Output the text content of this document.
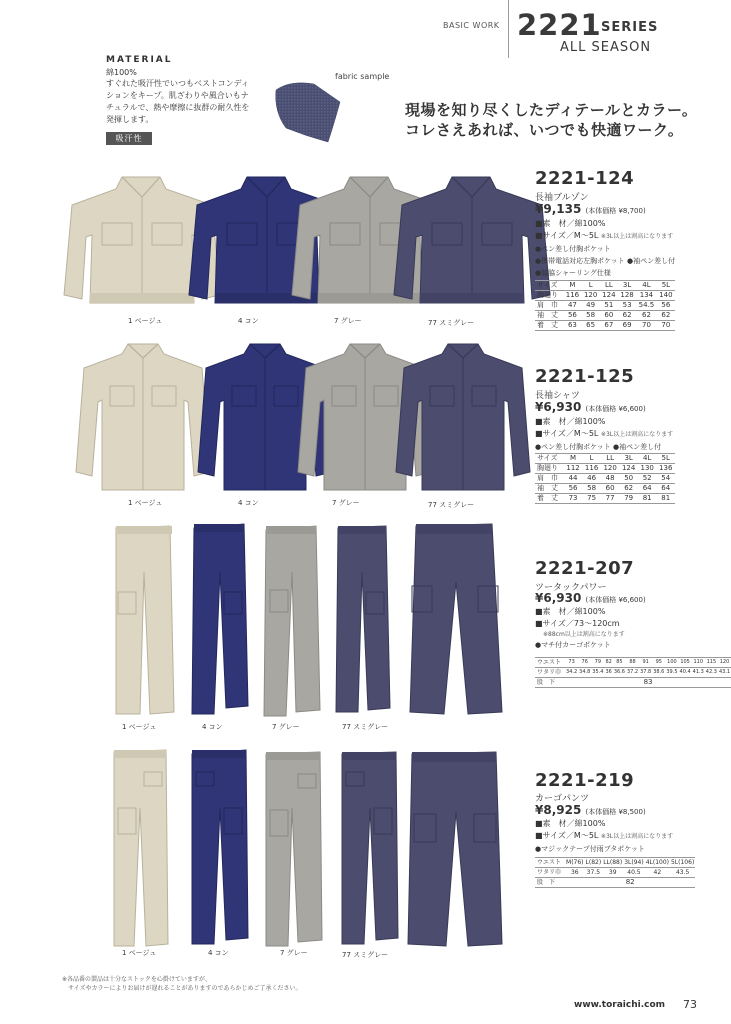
BASIC WORK 2221 SERIES
ALL SEASON
MATERIAL
綿100%
すぐれた吸汗性でいつもベストコンディ
ションをキープ。肌ざわりや風合いもナ
チュラルで、熱や摩擦に抜群の耐久性を
発揮します。
吸汗性
fabric sample
現場を知り尽くしたディテールとカラー。
コレさえあれば、いつでも快適ワーク。
1 ベージュ	4 コン	7 グレー	77 スミグレー
2221-124
長袖ブルゾン
¥9,135 (本体価格 ¥8,700)
■素　材／綿100%
■サイズ／M～5L ※3L以上は割高になります
●ペン差し付胸ポケット
●携帯電話対応左胸ポケット ●袖ペン差し付
●脇脇シャーリング仕様
サイズ	M	L	LL	3L	4L	5L
胸廻り	116	120	124	128	134	140
肩　巾	47	49	51	53	54.5	56
袖　丈	56	58	60	62	62	62
着　丈	63	65	67	69	70	70
1 ベージュ	4 コン	7 グレー	77 スミグレー
2221-125
長袖シャツ
¥6,930 (本体価格 ¥6,600)
■素　材／綿100%
■サイズ／M～5L ※3L以上は割高になります
●ペン差し付胸ポケット ●袖ペン差し付
サイズ	M	L	LL	3L	4L	5L
胸廻り	112	116	120	124	130	136
肩　巾	44	46	48	50	52	54
袖　丈	56	58	60	62	64	64
着　丈	73	75	77	79	81	81
1 ベージュ	4 コン	7 グレー	77 スミグレー
2221-207
ツータックパワー
¥6,930 (本体価格 ¥6,600)
■素　材／綿100%
■サイズ／73～120cm
※88cm以上は割高になります
●マチ付カーゴポケット
ウエスト	73	76	79	82	85	88	91	95	100	105	110	115	120
ワタリ巾	34.2	34.8	35.4	36	36.6	37.2	37.8	38.6	39.5	40.4	41.3	42.3	43.1
股　下	83												
1 ベージュ	4 コン	7 グレー	77 スミグレー
2221-219
カーゴパンツ
¥8,925 (本体価格 ¥8,500)
■素　材／綿100%
■サイズ／M～5L ※3L以上は割高になります
●マジックテープ付雨ブタポケット
ウエスト	M(76)	L(82)	LL(88)	3L(94)	4L(100)	5L(106)
ワタリ巾	36	37.5	39	40.5	42	43.5
股　下	82					
※各品番の製品は十分なストックを心掛けていますが、
　サイズやカラーによりお届けが遅れることがありますのであらかじめご了承ください。
www.toraichi.com 73
